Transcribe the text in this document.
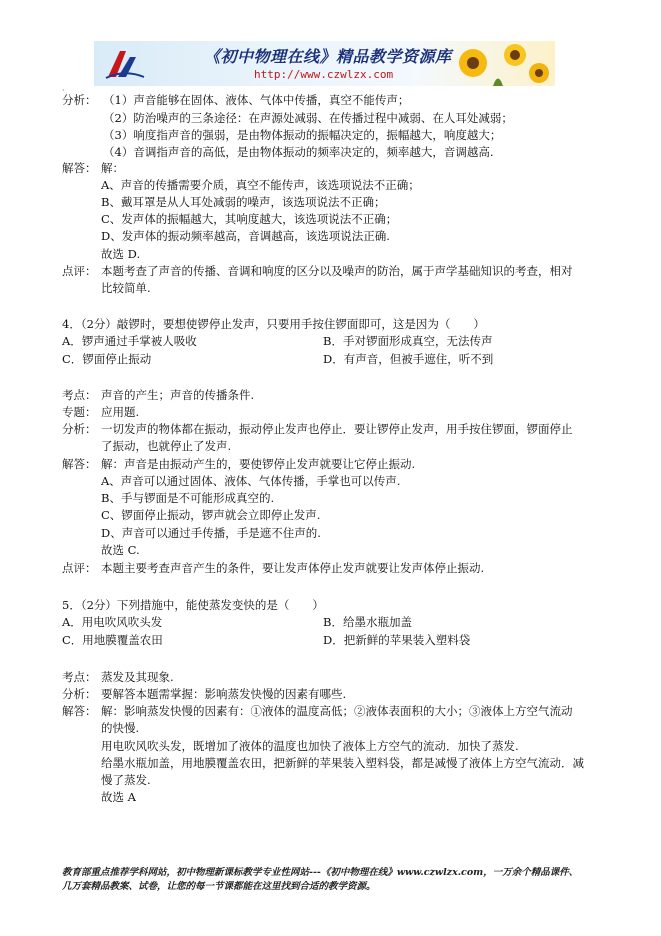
《初中物理在线》精品教学资源库
http://www.czwlzx.com
·
分析： （1）声音能够在固体、液体、气体中传播，真空不能传声；
（2）防治噪声的三条途径：在声源处减弱、在传播过程中减弱、在人耳处减弱；
（3）响度指声音的强弱，是由物体振动的振幅决定的，振幅越大，响度越大；
（4）音调指声音的高低，是由物体振动的频率决定的，频率越大，音调越高.
解答： 解：
A、声音的传播需要介质，真空不能传声，该选项说法不正确；
B、戴耳罩是从人耳处减弱的噪声，该选项说法不正确；
C、发声体的振幅越大，其响度越大，该选项说法不正确；
D、发声体的振动频率越高，音调越高，该选项说法正确.
故选 D.
点评： 本题考查了声音的传播、音调和响度的区分以及噪声的防治，属于声学基础知识的考查，相对
比较简单.
4．（2分）敲锣时，要想使锣停止发声，只要用手按住锣面即可，这是因为（　　）
A．锣声通过手掌被人吸收	B．手对锣面形成真空，无法传声
C．锣面停止振动	D．有声音，但被手遮住，听不到
考点： 声音的产生；声音的传播条件.
专题： 应用题.
分析： 一切发声的物体都在振动，振动停止发声也停止．要让锣停止发声，用手按住锣面，锣面停止
了振动，也就停止了发声.
解答： 解：声音是由振动产生的，要使锣停止发声就要让它停止振动.
A、声音可以通过固体、液体、气体传播，手掌也可以传声.
B、手与锣面是不可能形成真空的.
C、锣面停止振动，锣声就会立即停止发声.
D、声音可以通过手传播，手是遮不住声的.
故选 C.
点评： 本题主要考查声音产生的条件，要让发声体停止发声就要让发声体停止振动.
5．（2分）下列措施中，能使蒸发变快的是（　　）
A．用电吹风吹头发	B．给墨水瓶加盖
C．用地膜覆盖农田	D．把新鲜的苹果装入塑料袋
考点： 蒸发及其现象.
分析： 要解答本题需掌握：影响蒸发快慢的因素有哪些.
解答： 解：影响蒸发快慢的因素有：①液体的温度高低；②液体表面积的大小；③液体上方空气流动
的快慢.
用电吹风吹头发，既增加了液体的温度也加快了液体上方空气的流动．加快了蒸发.
给墨水瓶加盖，用地膜覆盖农田，把新鲜的苹果装入塑料袋，都是减慢了液体上方空气流动．减
慢了蒸发.
故选 A
教育部重点推荐学科网站，初中物理新课标教学专业性网站---《初中物理在线》www.czwlzx.com，一万余个精品课件、
几万套精品教案、试卷，让您的每一节课都能在这里找到合适的教学资源。
